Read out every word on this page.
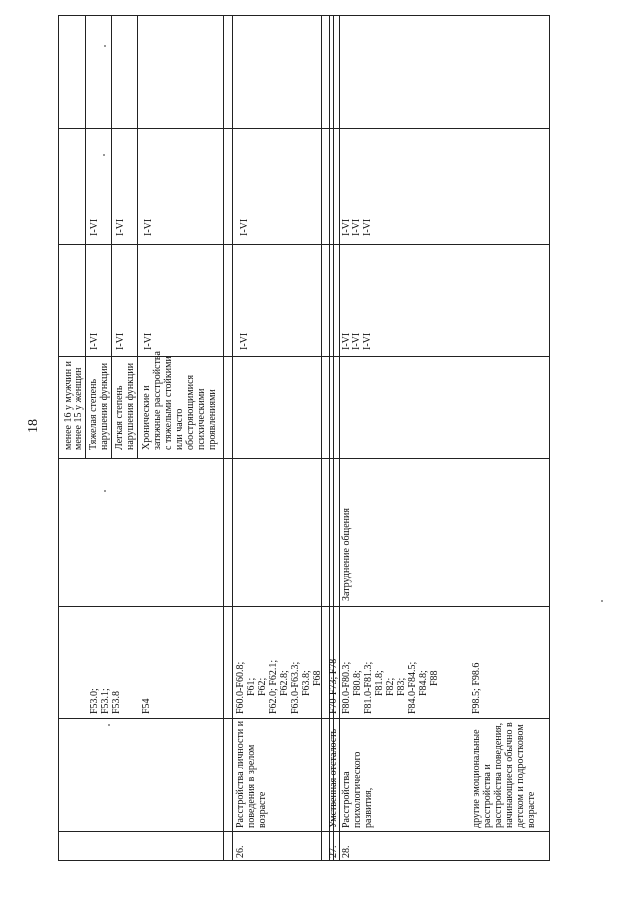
18 менее 16 у мужчин и менее 15 у женщин Тяжелая степень нарушения функции Легкая степень нарушения функции Хронические и затяжные расстройства с тяжелыми стойкими или часто обостряющимися психическими проявлениями
I-VI I-VI I-VI
I-VI I-VI I-VI
I-VI
I-VI
I-VI
I-VI
I-VI I-VI
I-VI I-VI
F53.0; F53.1; F53.8 F54
26.
Расстройства личности и поведения в зрелом возрасте
F60.0-F60.8; F61; F62; F62.0; F62.1; F62.8; F63.0-F63.3; F63.8; F68
27.
Умственная отсталость
F70-F73; F78
28.
Расстройства психологического развития,	другие эмоциональные расстройства и расстройства поведения, начинающиеся обычно в детском и подростковом возрасте
F80.0-F80.3; F80.8; F81.0-F81.3; F81.8; F82; F83; F84.0-F84.5; F84.8; F88	F98.5; F98.6
Затруднение общения
